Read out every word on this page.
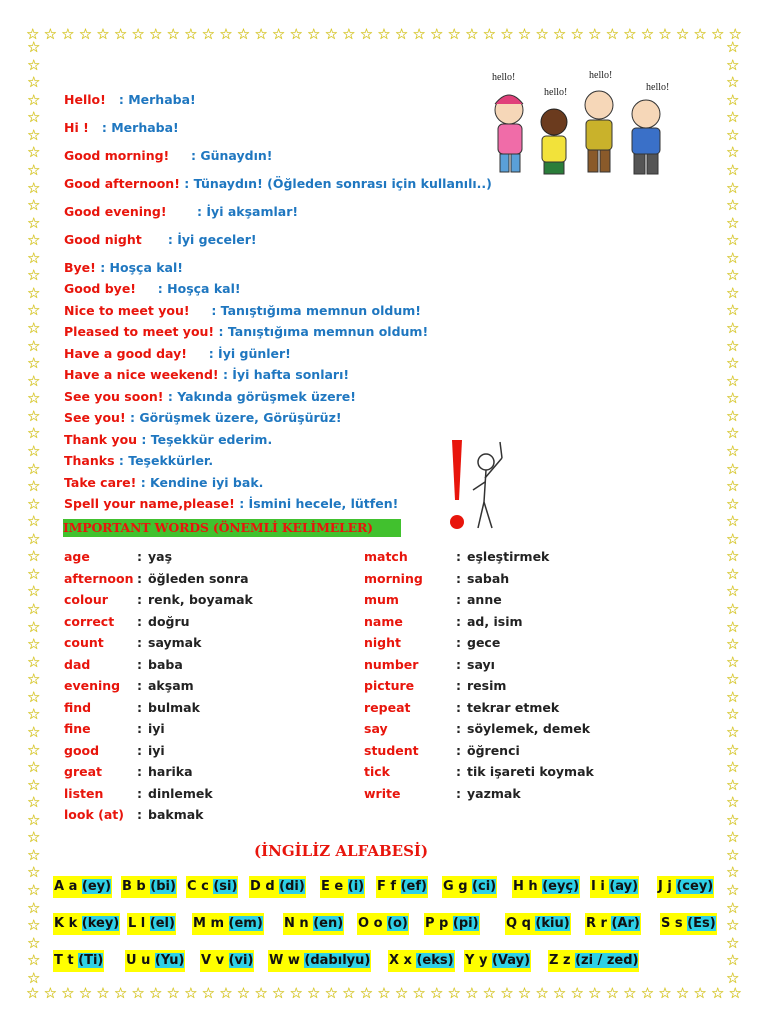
☆ ☆ ☆ ☆ ☆ ☆ ☆ ☆ ☆ ☆ ☆ ☆ ☆ ☆ ☆ ☆ ☆ ☆ ☆ ☆ ☆ ☆ ☆ ☆ ☆ ☆ ☆ ☆ ☆ ☆ ☆ ☆ ☆ ☆ ☆ ☆ ☆ ☆ ☆ ☆ ☆
☆ ☆ ☆ ☆ ☆ ☆ ☆ ☆ ☆ ☆ ☆ ☆ ☆ ☆ ☆ ☆ ☆ ☆ ☆ ☆ ☆ ☆ ☆ ☆ ☆ ☆ ☆ ☆ ☆ ☆ ☆ ☆ ☆ ☆ ☆ ☆ ☆ ☆ ☆ ☆ ☆
☆
☆
☆
☆
☆
☆
☆
☆
☆
☆
☆
☆
☆
☆
☆
☆
☆
☆
☆
☆
☆
☆
☆
☆
☆
☆
☆
☆
☆
☆
☆
☆
☆
☆
☆
☆
☆
☆
☆
☆
☆
☆
☆
☆
☆
☆
☆
☆
☆
☆
☆
☆
☆
☆
☆
☆
☆
☆
☆
☆
☆
☆
☆
☆
☆
☆
☆
☆
☆
☆
☆
☆
☆
☆
☆
☆
☆
☆
☆
☆
☆
☆
☆
☆
☆
☆
☆
☆
☆
☆
☆
☆
☆
☆
☆
☆
☆
☆
☆
☆
☆
☆
☆
☆
☆
☆
☆
☆
Hello!   : Merhaba!
Hi !   : Merhaba!
Good morning!     : Günaydın!
Good afternoon! : Tünaydın! (Öğleden sonrası için kullanılı..)
Good evening!       : İyi akşamlar!
Good night      : İyi geceler!
Bye! : Hoşça kal!
Good bye!     : Hoşça kal!
Nice to meet you!     : Tanıştığıma memnun oldum!
Pleased to meet you! : Tanıştığıma memnun oldum!
Have a good day!     : İyi günler!
Have a nice weekend! : İyi hafta sonları!
See you soon! : Yakında görüşmek üzere!
See you! : Görüşmek üzere, Görüşürüz!
Thank you : Teşekkür ederim.
Thanks : Teşekkürler.
Take care! : Kendine iyi bak.
Spell your name,please! : İsmini hecele, lütfen!
hello!
hello!
hello!
hello!
IMPORTANT WORDS (ÖNEMLİ KELİMELER)
age	: yaş
afternoon : öğleden sonra
colour : renk, boyamak
correct : doğru
count	: saymak
dad	: baba
evening : akşam
find	: bulmak
fine	: iyi
good	: iyi
great	: harika
listen	: dinlemek
look (at) : bakmak
match	: eşleştirmek
morning	: sabah
mum	: anne
name	: ad, isim
night	: gece
number	: sayı
picture	: resim
repeat	: tekrar etmek
say	: söylemek, demek
student	: öğrenci
tick	: tik işareti koymak
write	: yazmak
(İNGİLİZ ALFABESİ)
A a (ey) B b (bi) C c (si) D d (di) E e (i) F f (ef) G g (ci) H h (eyç) I i (ay) J j (cey)
K k (key) L l (el) M m (em) N n (en) O o (o) P p (pi) Q q (kiu) R r (Ar) S s (Es)
T t (Ti) U u (Yu) V v (vi) W w (dabılyu) X x (eks) Y y (Vay) Z z (zi / zed)
